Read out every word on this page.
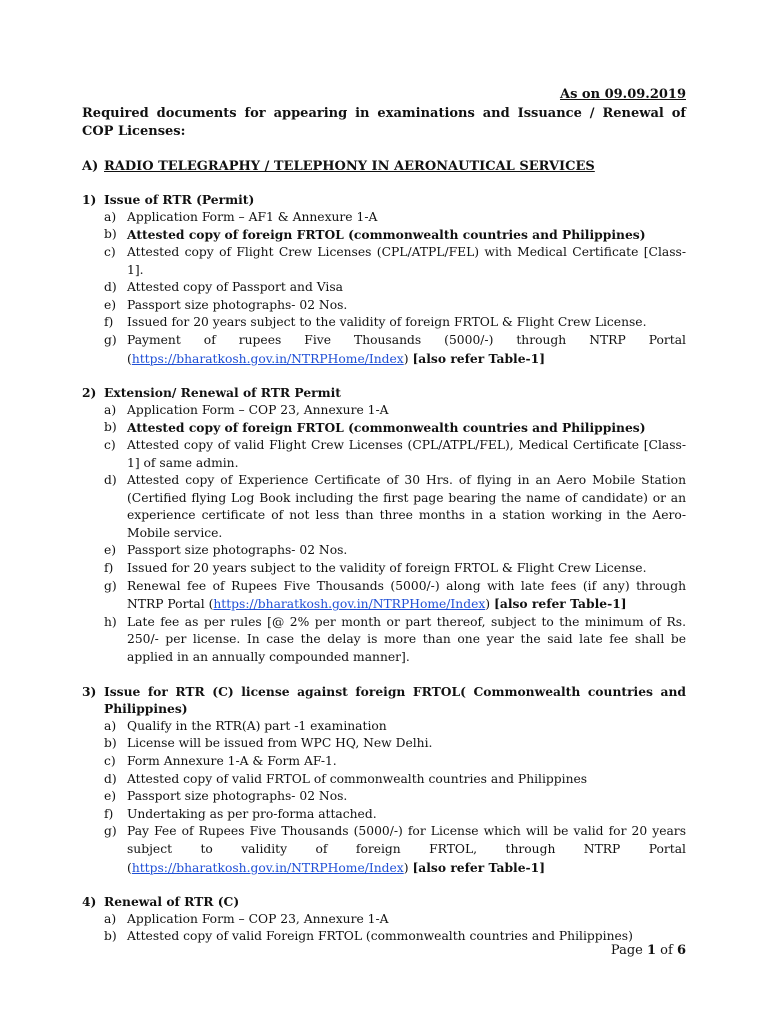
As on 09.09.2019
Required documents for appearing in examinations and Issuance / Renewal of COP Licenses:
A) RADIO TELEGRAPHY / TELEPHONY IN AERONAUTICAL SERVICES
1) Issue of RTR (Permit)
a) Application Form – AF1 & Annexure 1-A
b) Attested copy of foreign FRTOL (commonwealth countries and Philippines)
c) Attested copy of Flight Crew Licenses (CPL/ATPL/FEL) with Medical Certificate [Class-1].
d) Attested copy of Passport and Visa
e) Passport size photographs- 02 Nos.
f)	Issued for 20 years subject to the validity of foreign FRTOL & Flight Crew License.
g) Payment of rupees Five Thousands (5000/-) through NTRP Portal (https://bharatkosh.gov.in/NTRPHome/Index) [also refer Table-1]
2) Extension/ Renewal of RTR Permit
a) Application Form – COP 23, Annexure 1-A
b) Attested copy of foreign FRTOL (commonwealth countries and Philippines)
c) Attested copy of valid Flight Crew Licenses (CPL/ATPL/FEL), Medical Certificate [Class-1] of same admin.
d) Attested copy of Experience Certificate of 30 Hrs. of flying in an Aero Mobile Station (Certified flying Log Book including the first page bearing the name of candidate) or an experience certificate of not less than three months in a station working in the Aero-Mobile service.
e) Passport size photographs- 02 Nos.
f)	Issued for 20 years subject to the validity of foreign FRTOL & Flight Crew License.
g) Renewal fee of Rupees Five Thousands (5000/-) along with late fees (if any) through NTRP Portal (https://bharatkosh.gov.in/NTRPHome/Index) [also refer Table-1]
h) Late fee as per rules [@ 2% per month or part thereof, subject to the minimum of Rs. 250/- per license. In case the delay is more than one year the said late fee shall be applied in an annually compounded manner].
3) Issue for RTR (C) license against foreign FRTOL( Commonwealth countries and Philippines)
a) Qualify in the RTR(A) part -1 examination
b) License will be issued from WPC HQ, New Delhi.
c) Form Annexure 1-A & Form AF-1.
d) Attested copy of valid FRTOL of commonwealth countries and Philippines
e) Passport size photographs- 02 Nos.
f)	Undertaking as per pro-forma attached.
g) Pay Fee of Rupees Five Thousands (5000/-) for License which will be valid for 20 years subject to validity of foreign FRTOL, through NTRP Portal (https://bharatkosh.gov.in/NTRPHome/Index) [also refer Table-1]
4) Renewal of RTR (C)
a) Application Form – COP 23, Annexure 1-A
b) Attested copy of valid Foreign FRTOL (commonwealth countries and Philippines)
Page 1 of 6
